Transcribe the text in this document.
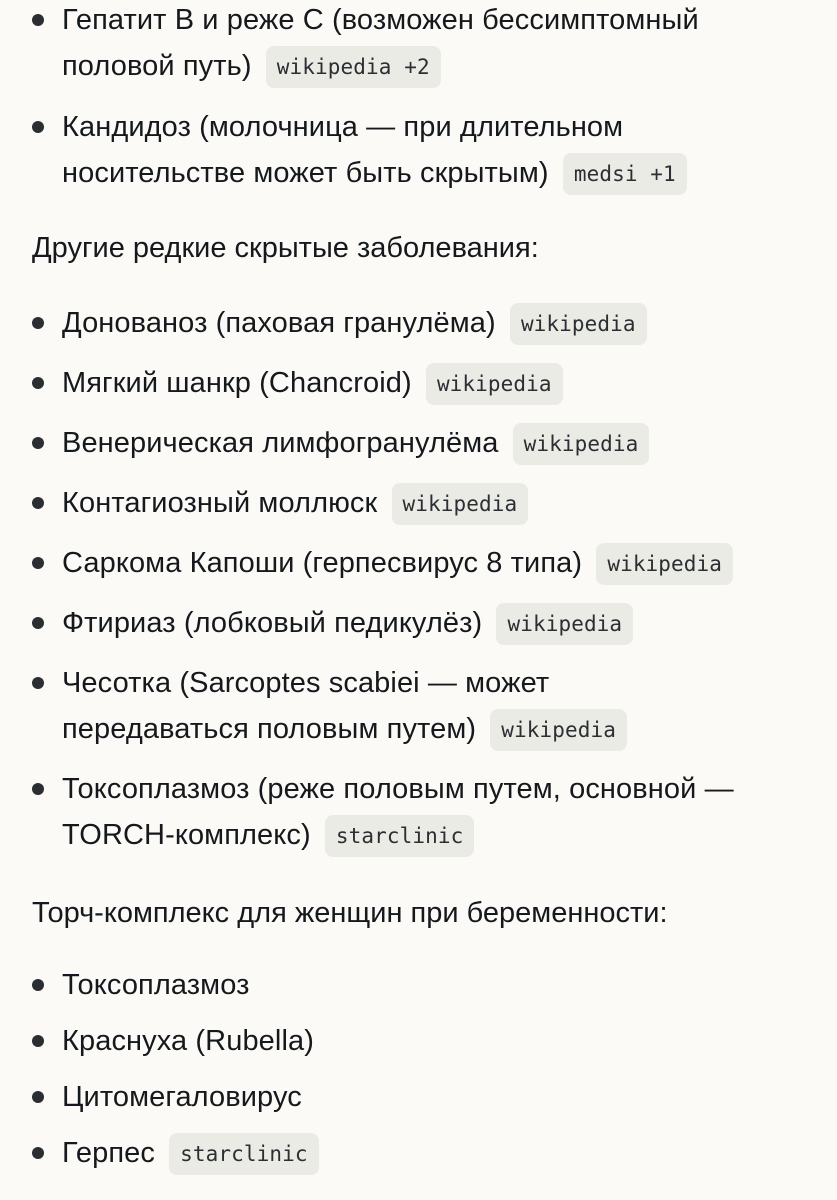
Гепатит B и реже C (возможен бессимптомный половой путь) wikipedia +2
Кандидоз (молочница — при длительном носительстве может быть скрытым) medsi +1

Другие редкие скрытые заболевания:

Донованоз (паховая гранулёма) wikipedia
Мягкий шанкр (Chancroid) wikipedia
Венерическая лимфогранулёма wikipedia
Контагиозный моллюск wikipedia
Саркома Капоши (герпесвирус 8 типа) wikipedia
Фтириаз (лобковый педикулёз) wikipedia
Чесотка (Sarcoptes scabiei — может передаваться половым путем) wikipedia
Токсоплазмоз (реже половым путем, основной — TORCH-комплекс) starclinic

Торч-комплекс для женщин при беременности:

Токсоплазмоз
Краснуха (Rubella)
Цитомегаловирус
Герпес starclinic
